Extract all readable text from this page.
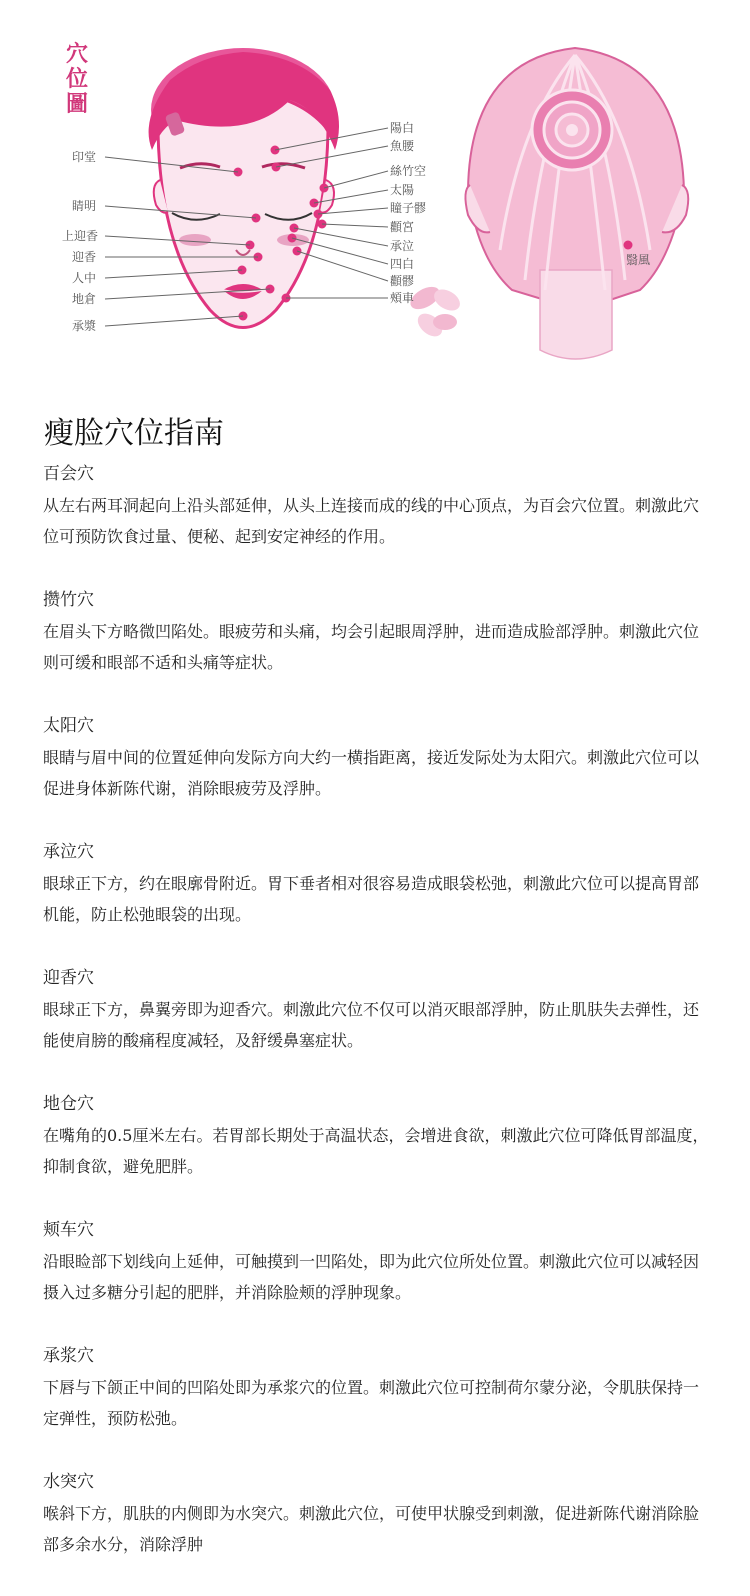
穴
位
圖
印堂
睛明
上迎香
迎香
人中
地倉
承漿
陽白
魚腰
絲竹空
太陽
瞳子髎
顴宮
承泣
四白
顴髎
頰車
翳風
瘦脸穴位指南
百会穴

从左右两耳洞起向上沿头部延伸，从头上连接而成的线的中心顶点，为百会穴位置。刺激此穴位可预防饮食过量、便秘、起到安定神经的作用。

攒竹穴

在眉头下方略微凹陷处。眼疲劳和头痛，均会引起眼周浮肿，进而造成脸部浮肿。刺激此穴位则可缓和眼部不适和头痛等症状。

太阳穴

眼睛与眉中间的位置延伸向发际方向大约一横指距离，接近发际处为太阳穴。刺激此穴位可以促进身体新陈代谢，消除眼疲劳及浮肿。

承泣穴

眼球正下方，约在眼廓骨附近。胃下垂者相对很容易造成眼袋松弛，刺激此穴位可以提高胃部机能，防止松弛眼袋的出现。

迎香穴

眼球正下方，鼻翼旁即为迎香穴。刺激此穴位不仅可以消灭眼部浮肿，防止肌肤失去弹性，还能使肩膀的酸痛程度减轻，及舒缓鼻塞症状。

地仓穴

在嘴角的0.5厘米左右。若胃部长期处于高温状态，会增进食欲，刺激此穴位可降低胃部温度，抑制食欲，避免肥胖。

颊车穴

沿眼睑部下划线向上延伸，可触摸到一凹陷处，即为此穴位所处位置。刺激此穴位可以减轻因摄入过多糖分引起的肥胖，并消除脸颊的浮肿现象。

承浆穴

下唇与下颌正中间的凹陷处即为承浆穴的位置。刺激此穴位可控制荷尔蒙分泌，令肌肤保持一定弹性，预防松弛。

水突穴

喉斜下方，肌肤的内侧即为水突穴。刺激此穴位，可使甲状腺受到刺激，促进新陈代谢消除脸部多余水分，消除浮肿
